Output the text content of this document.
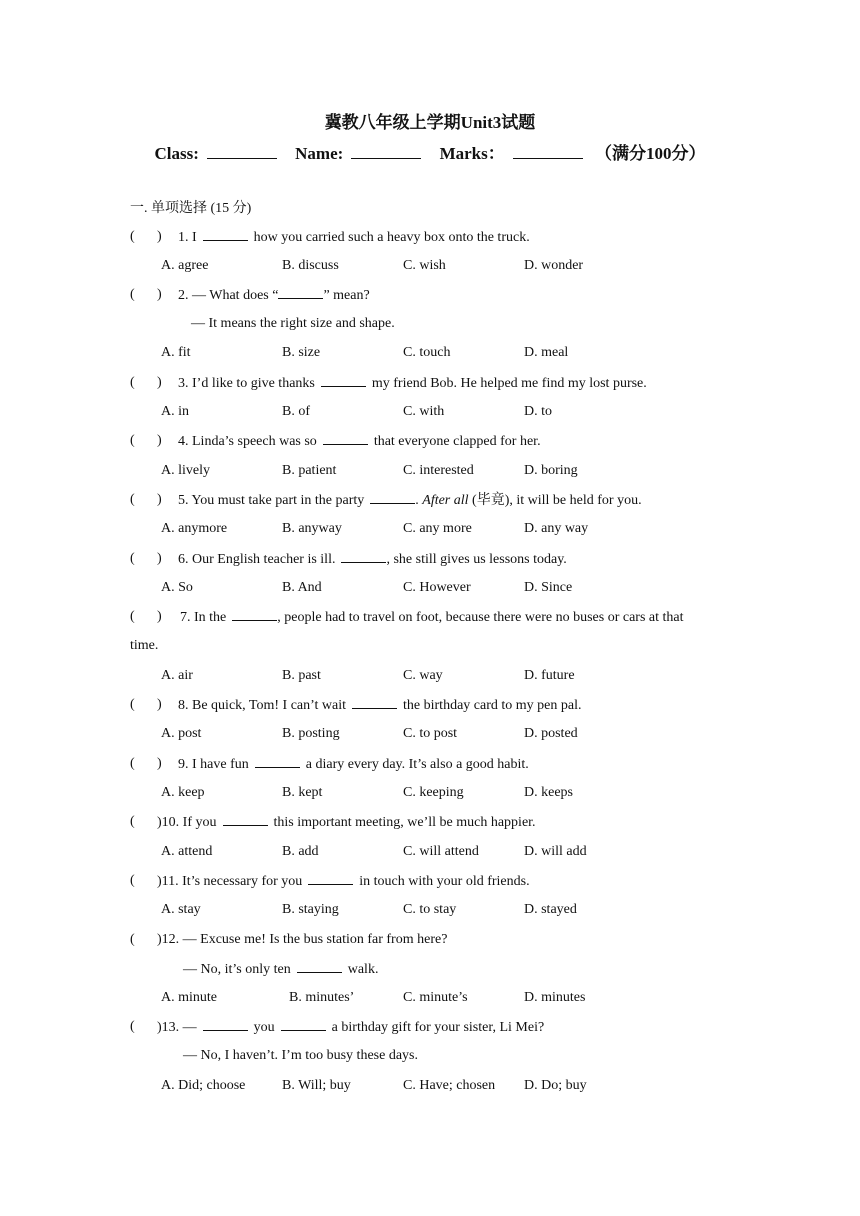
冀教八年级上学期Unit3试题
Class:	Name:	Marks：	（满分100分）
一. 单项选择 (15 分)
( ) 1. I	how you carried such a heavy box onto the truck.
A. agree	B. discuss	C. wish	D. wonder
( ) 2. — What does “	” mean?
— It means the right size and shape.
A. fit	B. size	C. touch	D. meal
( ) 3. I’d like to give thanks	my friend Bob. He helped me find my lost purse.
A. in	B. of	C. with	D. to
( ) 4. Linda’s speech was so	that everyone clapped for her.
A. lively	B. patient	C. interested	D. boring
( ) 5. You must take part in the party	. After all (毕竟), it will be held for you.
A. anymore	B. anyway	C. any more	D. any way
( ) 6. Our English teacher is ill.	, she still gives us lessons today.
A. So	B. And	C. However	D. Since
( ) 7. In the	, people had to travel on foot, because there were no buses or cars at that
time.
A. air	B. past	C. way	D. future
( ) 8. Be quick, Tom! I can’t wait	the birthday card to my pen pal.
A. post	B. posting	C. to post	D. posted
( ) 9. I have fun	a diary every day. It’s also a good habit.
A. keep	B. kept	C. keeping	D. keeps
( )10. If you	this important meeting, we’ll be much happier.
A. attend	B. add	C. will attend	D. will add
( )11. It’s necessary for you	in touch with your old friends.
A. stay	B. staying	C. to stay	D. stayed
( )12. — Excuse me! Is the bus station far from here?
— No, it’s only ten	walk.
A. minute	B. minutes’	C. minute’s	D. minutes
( )13. —	you	a birthday gift for your sister, Li Mei?
— No, I haven’t. I’m too busy these days.
A. Did; choose	B. Will; buy	C. Have; chosen D. Do; buy
